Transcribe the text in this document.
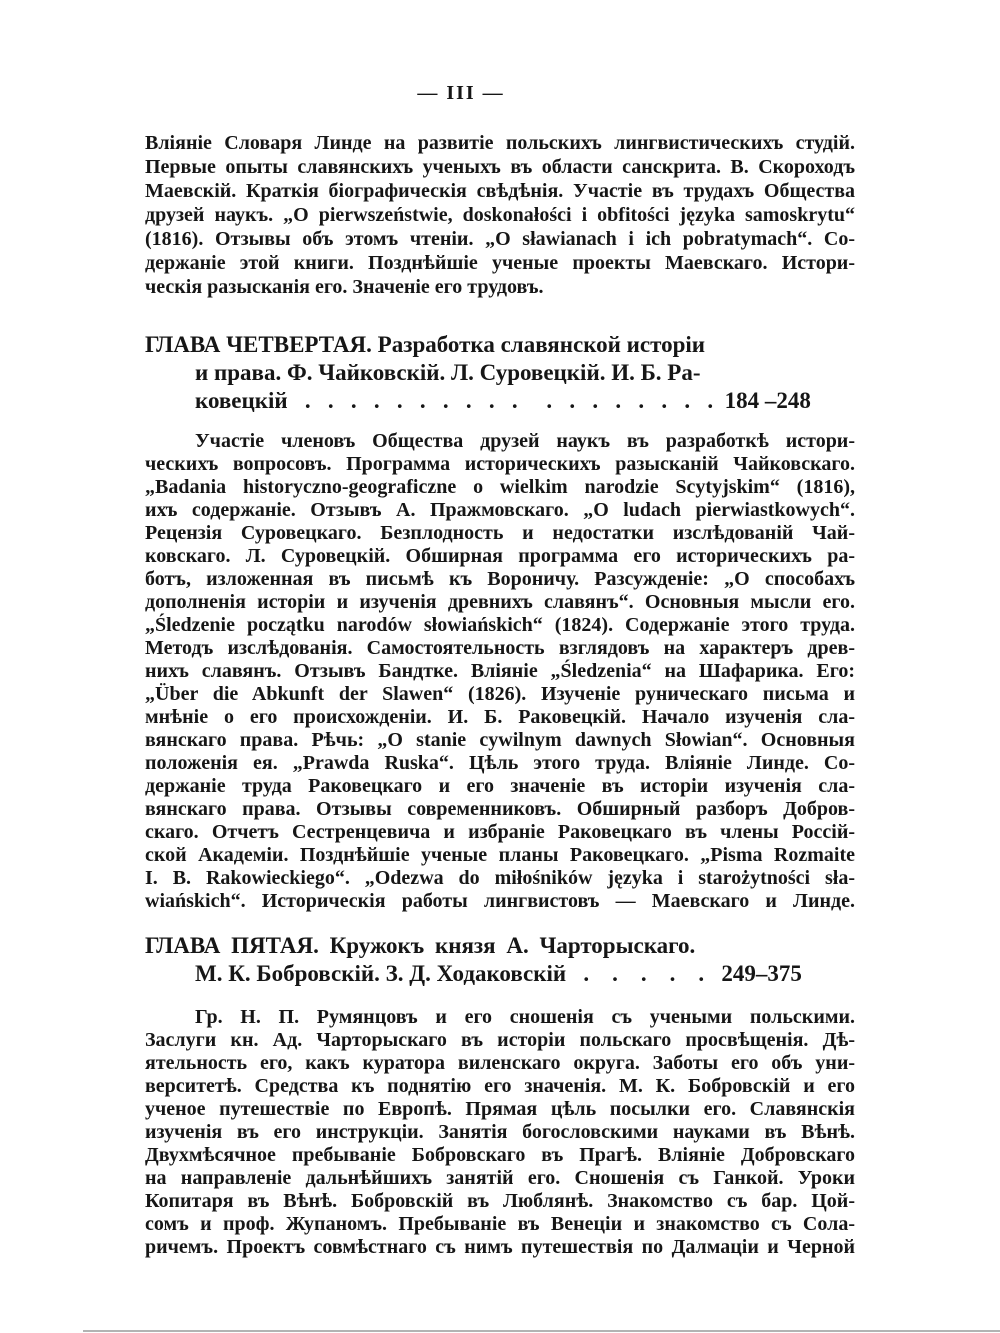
— III —
Вліяніе Словаря Линде на развитіе польскихъ лингвистическихъ студій.
Первые опыты славянскихъ ученыхъ въ области санскрита. В. Скороходъ
Маевскій. Краткія біографическія свѣдѣнія. Участіе въ трудахъ Общества
друзей наукъ. „O pierwszeństwie, doskonałości i obfitości języka samoskrytu“
(1816). Отзывы объ этомъ чтеніи. „O sławianach i ich pobratymach“. Со-
держаніе этой книги. Позднѣйшіе ученые проекты Маевскаго. Истори-
ческія разысканія его. Значеніе его трудовъ.
ГЛАВА ЧЕТВЕРТАЯ. Разработка славянской исторіи
и права. Ф. Чайковскій. Л. Суровецкій. И. Б. Ра-
ковецкій   .   .   .   .   .   .   .   .   .   .     .   .   .   .   .   .   .   .  184 –248
Участіе членовъ Общества друзей наукъ въ разработкѣ истори-
ческихъ вопросовъ. Программа историческихъ разысканій Чайковскаго.
„Badania historyczno-geograficzne o wielkim narodzie Scytyjskim“ (1816),
ихъ содержаніе. Отзывъ А. Пражмовскаго. „O ludach pierwiastkowych“.
Рецензія Суровецкаго. Безплодность и недостатки изслѣдованій Чай-
ковскаго. Л. Суровецкій. Обширная программа его историческихъ ра-
ботъ, изложенная въ письмѣ къ Вороничу. Разсужденіе: „О способахъ
дополненія исторіи и изученія древнихъ славянъ“. Основныя мысли его.
„Śledzenie początku narodów słowiańskich“ (1824). Содержаніе этого труда.
Методъ изслѣдованія. Самостоятельность взглядовъ на характеръ древ-
нихъ славянъ. Отзывъ Бандтке. Вліяніе „Śledzenia“ на Шафарика. Его:
„Über die Abkunft der Slawen“ (1826). Изученіе руническаго письма и
мнѣніе о его происхожденіи. И. Б. Раковецкій. Начало изученія сла-
вянскаго права. Рѣчь: „O stanie cywilnym dawnych Słowian“. Основныя
положенія ея. „Prawda Ruska“. Цѣль этого труда. Вліяніе Линде. Со-
держаніе труда Раковецкаго и его значеніе въ исторіи изученія сла-
вянскаго права. Отзывы современниковъ. Обширный разборъ Добров-
скаго. Отчетъ Сестренцевича и избраніе Раковецкаго въ члены Россій-
ской Академіи. Позднѣйшіе ученые планы Раковецкаго. „Pisma Rozmaite
I. B. Rakowieckiego“. „Odezwa do miłośników języka i starożytności sła-
wiańskich“. Историческія работы лингвистовъ — Маевскаго и Линде.
ГЛАВА ПЯТАЯ. Кружокъ князя А. Чарторыскаго.
М. К. Бобровскій. З. Д. Ходаковскій   .    .    .    .    .   249–375
Гр. Н. П. Румянцовъ и его сношенія съ учеными польскими.
Заслуги кн. Ад. Чарторыскаго въ исторіи польскаго просвѣщенія. Дѣ-
ятельность его, какъ куратора виленскаго округа. Заботы его объ уни-
верситетѣ. Средства къ поднятію его значенія. М. К. Бобровскій и его
ученое путешествіе по Европѣ. Прямая цѣль посылки его. Славянскія
изученія въ его инструкціи. Занятія богословскими науками въ Вѣнѣ.
Двухмѣсячное пребываніе Бобровскаго въ Прагѣ. Вліяніе Добровскаго
на направленіе дальнѣйшихъ занятій его. Сношенія съ Ганкой. Уроки
Копитаря въ Вѣнѣ. Бобровскій въ Люблянѣ. Знакомство съ бар. Цой-
сомъ и проф. Жупаномъ. Пребываніе въ Венеціи и знакомство съ Сола-
ричемъ. Проектъ совмѣстнаго съ нимъ путешествія по Далмаціи и Черной
